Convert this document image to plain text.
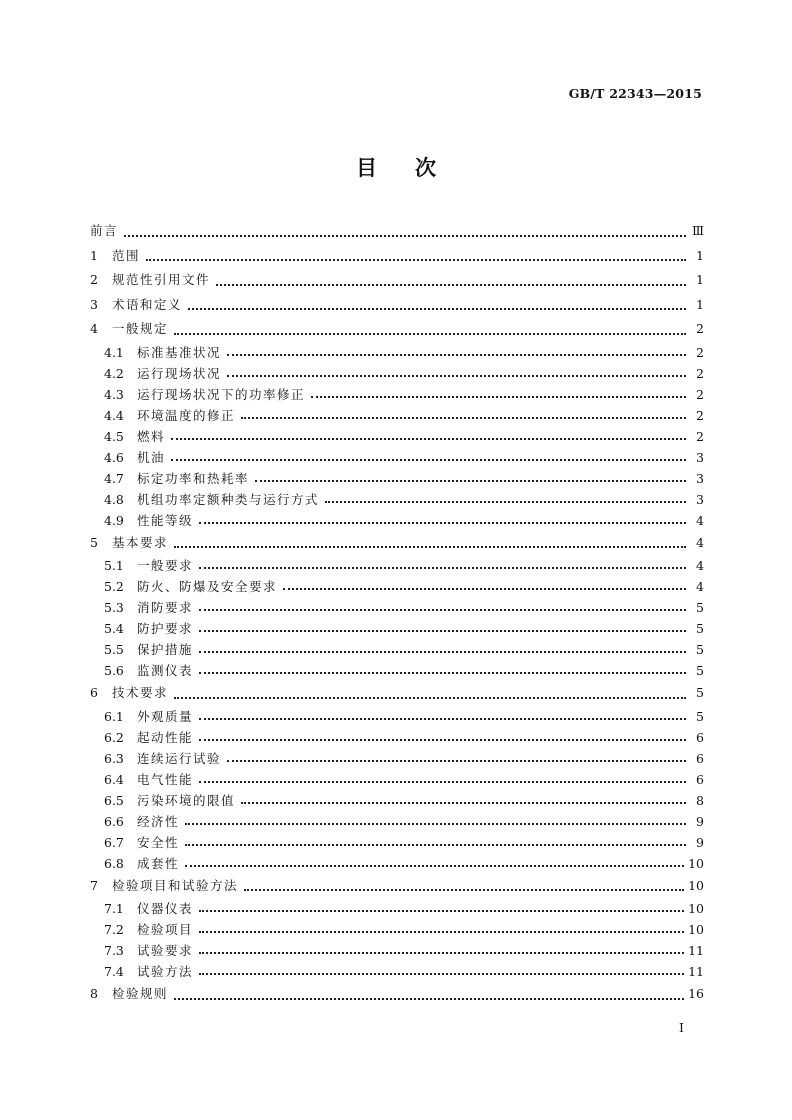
GB/T 22343—2015
目次
前言	Ⅲ
1	范围	1
2	规范性引用文件	1
3	术语和定义	1
4	一般规定	2
4.1	标准基准状况	2
4.2	运行现场状况	2
4.3	运行现场状况下的功率修正	2
4.4	环境温度的修正	2
4.5	燃料	2
4.6	机油	3
4.7	标定功率和热耗率	3
4.8	机组功率定额种类与运行方式	3
4.9	性能等级	4
5	基本要求	4
5.1	一般要求	4
5.2	防火、防爆及安全要求	4
5.3	消防要求	5
5.4	防护要求	5
5.5	保护措施	5
5.6	监测仪表	5
6	技术要求	5
6.1	外观质量	5
6.2	起动性能	6
6.3	连续运行试验	6
6.4	电气性能	6
6.5	污染环境的限值	8
6.6	经济性	9
6.7	安全性	9
6.8	成套性	10
7	检验项目和试验方法	10
7.1	仪器仪表	10
7.2	检验项目	10
7.3	试验要求	11
7.4	试验方法	11
8	检验规则	16
I
